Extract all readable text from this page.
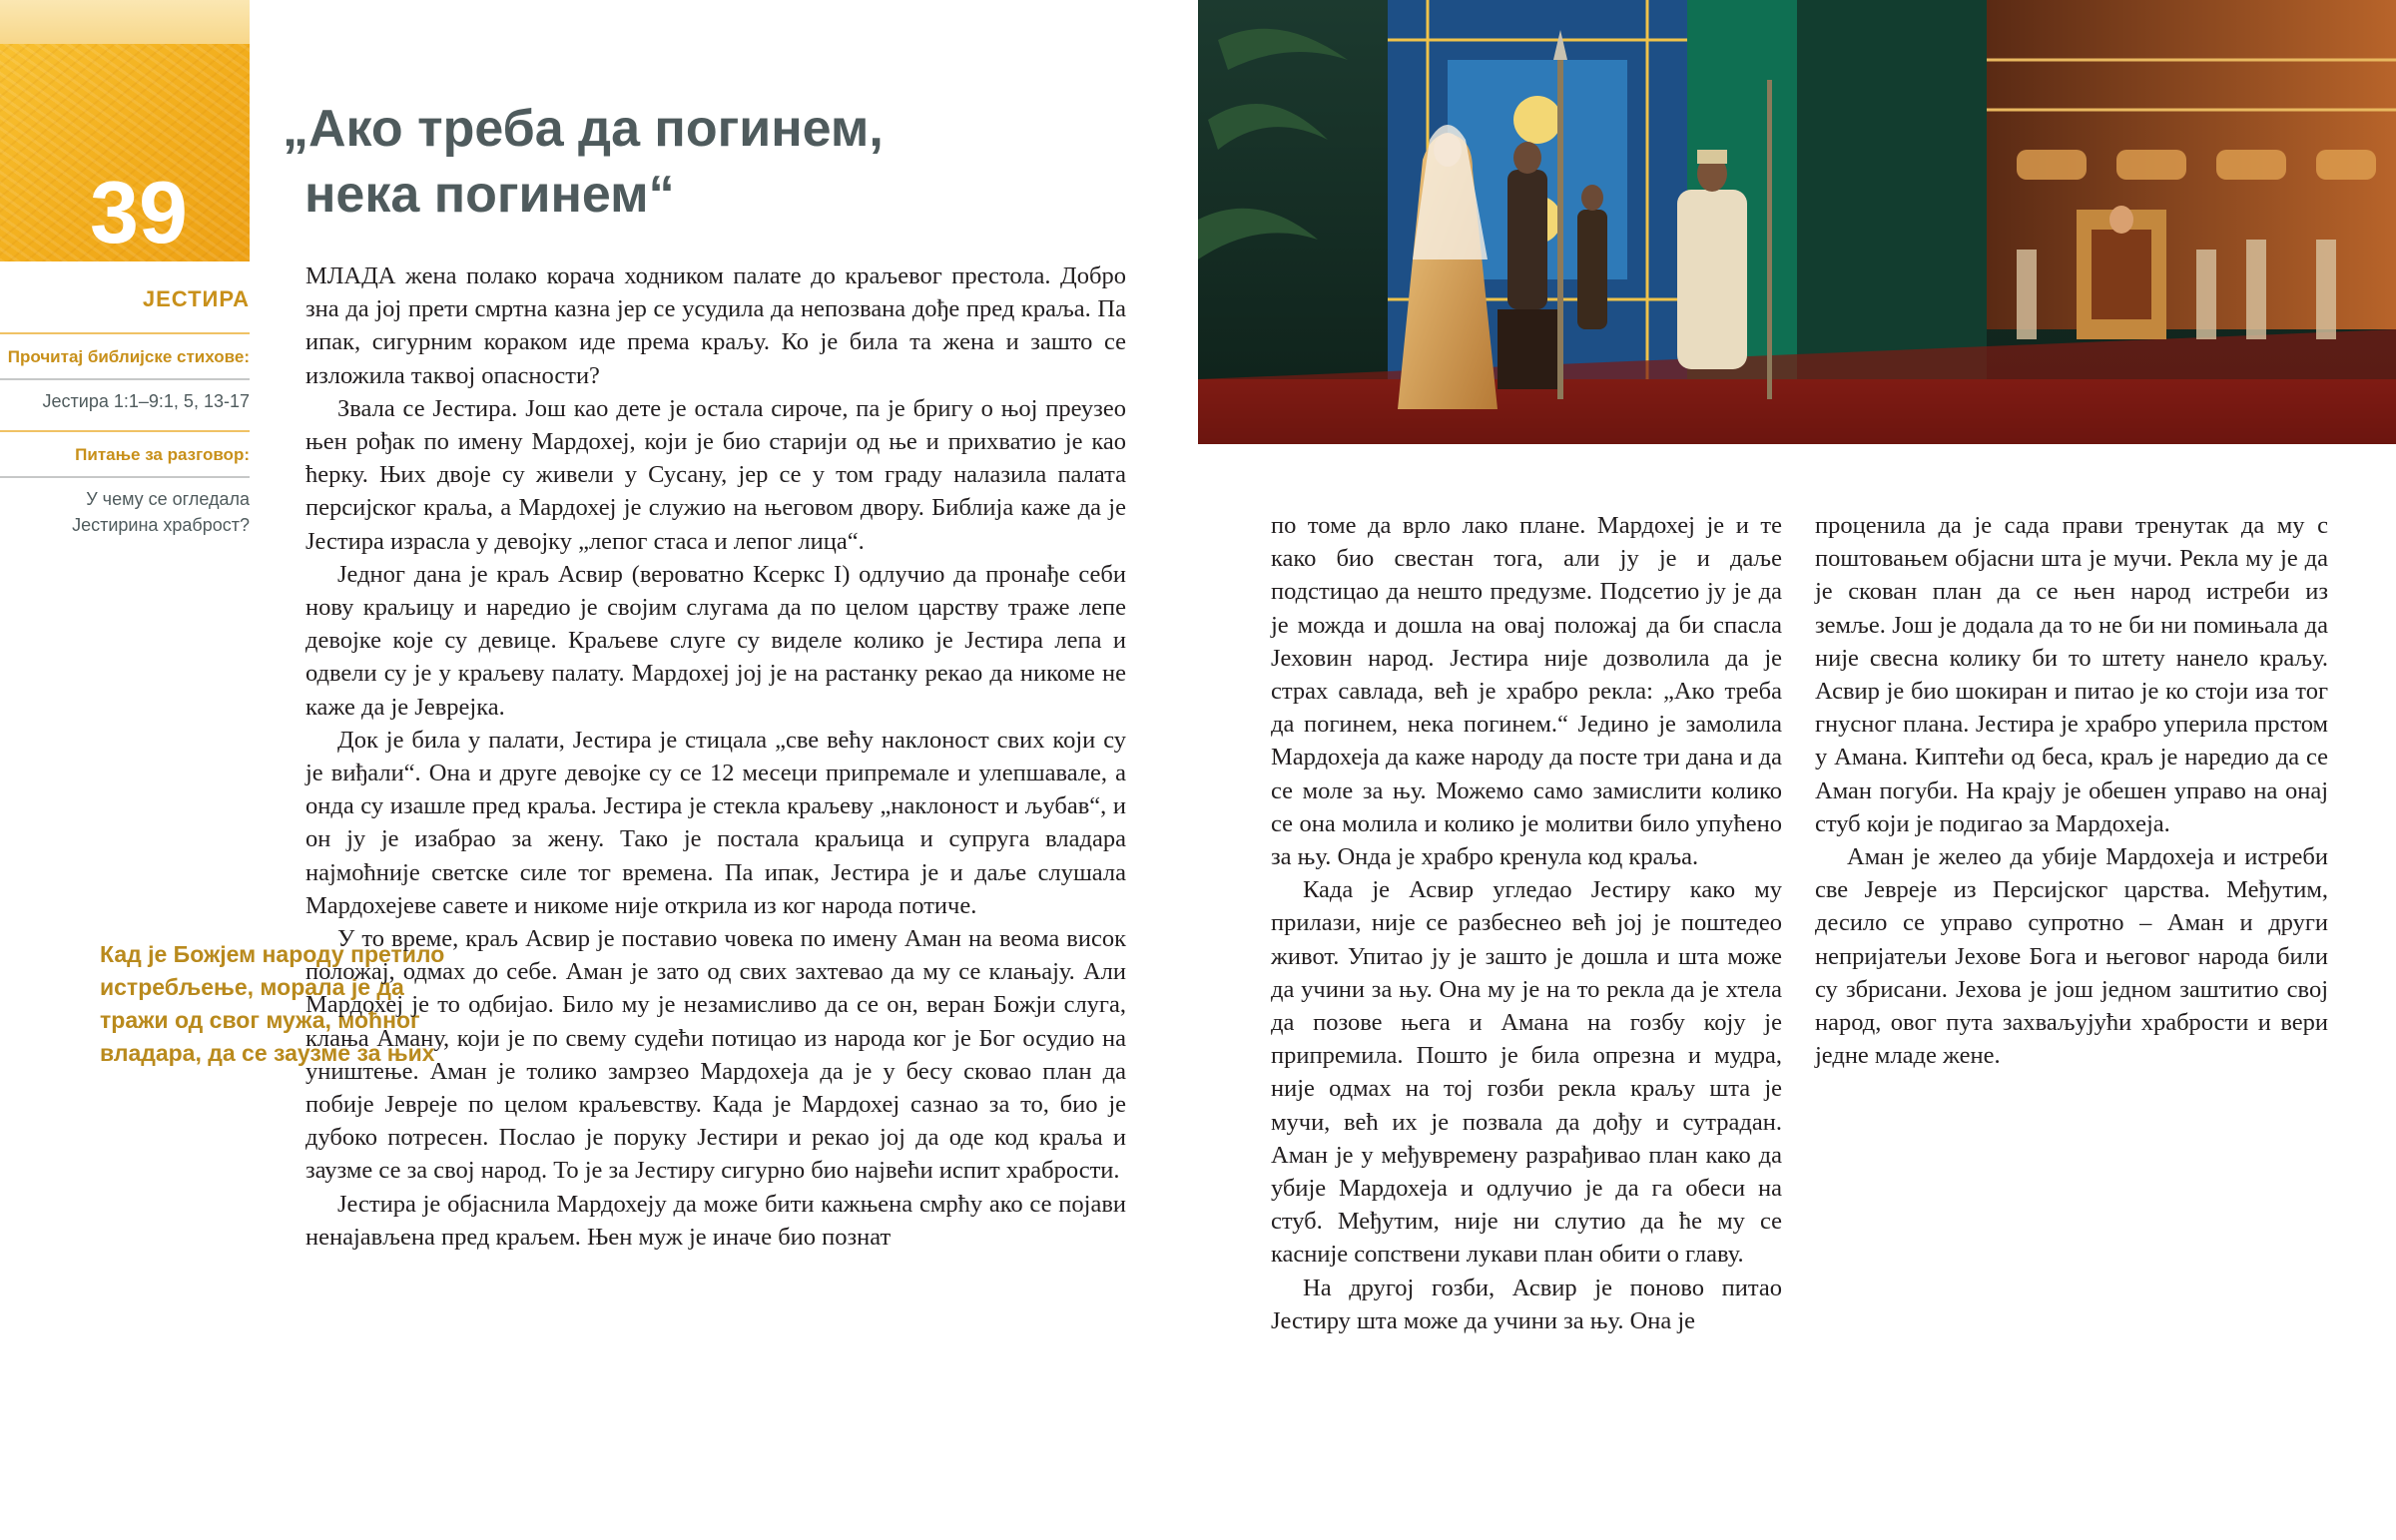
39
„Ако треба да погинем,
нека погинем“
ЈЕСТИРА
Прочитај библијске стихове:
Јестира 1:1–9:1, 5, 13-17
Питање за разговор:
У чему се огледала Јестирина храброст?
Кад је Божјем народу претило истребљење, морала је да тражи од свог мужа, моћног владара, да се заузме за њих

МЛАДА жена полако корача ходником палате до краљевог престола. Добро зна да јој прети смртна казна јер се усудила да непозвана дође пред краља. Па ипак, сигурним кораком иде према краљу. Ко је била та жена и зашто се изложила таквој опасности?

Звала се Јестира. Још као дете је остала сироче, па је бригу о њој преузео њен рођак по имену Мардохеј, који је био старији од ње и прихватио је као ћерку. Њих двоје су живели у Сусану, јер се у том граду налазила палата персијског краља, а Мардохеј је служио на његовом двору. Библија каже да је Јестира израсла у девојку „лепог стаса и лепог лица“.

Једног дана је краљ Асвир (вероватно Ксеркс I) одлучио да пронађе себи нову краљицу и наредио је својим слугама да по целом царству траже лепе девојке које су девице. Краљеве слуге су виделе колико је Јестира лепа и одвели су је у краљеву палату. Мардохеј јој је на растанку рекао да никоме не каже да је Јеврејка.

Док је била у палати, Јестира је стицала „све већу наклоност свих који су је виђали“. Она и друге девојке су се 12 месеци припремале и улепшавале, а онда су изашле пред краља. Јестира је стекла краљеву „наклоност и љубав“, и он ју је изабрао за жену. Тако је постала краљица и супруга владара најмоћније светске силе тог времена. Па ипак, Јестира је и даље слушала Мардохејеве савете и никоме није открила из ког народа потиче.

У то време, краљ Асвир је поставио човека по имену Аман на веома висок положај, одмах до себе. Аман је зато од свих захтевао да му се клањају. Али Мардохеј је то одбијао. Било му је незамисливо да се он, веран Божји слуга, клања Аману, који је по свему судећи потицао из народа ког је Бог осудио на уништење. Аман је толико замрзео Мардохеја да је у бесу сковао план да побије Јевреје по целом краљевству. Када је Мардохеј сазнао за то, био је дубоко потресен. Послао је поруку Јестири и рекао јој да оде код краља и заузме се за свој народ. То је за Јестиру сигурно био највећи испит храбрости.

Јестира је објаснила Мардохеју да може бити кажњена смрћу ако се појави ненајављена пред краљем. Њен муж је иначе био познат

по томе да врло лако плане. Мардохеј је и те како био свестан тога, али ју је и даље подстицао да нешто предузме. Подсетио ју је да је можда и дошла на овај положај да би спасла Јеховин народ. Јестира није дозволила да је страх савлада, већ је храбро рекла: „Ако треба да погинем, нека погинем.“ Једино је замолила Мардохеја да каже народу да посте три дана и да се моле за њу. Можемо само замислити колико се она молила и колико је молитви било упућено за њу. Онда је храбро кренула код краља.

Када је Асвир угледао Јестиру како му прилази, није се разбеснео већ јој је поштедео живот. Упитао ју је зашто је дошла и шта може да учини за њу. Она му је на то рекла да је хтела да позове њега и Амана на гозбу коју је припремила. Пошто је била опрезна и мудра, није одмах на тој гозби рекла краљу шта је мучи, већ их је позвала да дођу и сутрадан. Аман је у међувремену разрађивао план како да убије Мардохеја и одлучио је да га обеси на стуб. Међутим, није ни слутио да ће му се касније сопствени лукави план обити о главу.

На другој гозби, Асвир је поново питао Јестиру шта може да учини за њу. Она је

проценила да је сада прави тренутак да му с поштовањем објасни шта је мучи. Рекла му је да је скован план да се њен народ истреби из земље. Још је додала да то не би ни помињала да није свесна колику би то штету нанело краљу. Асвир је био шокиран и питао је ко стоји иза тог гнусног плана. Јестира је храбро уперила прстом у Амана. Киптећи од беса, краљ је наредио да се Аман погуби. На крају је обешен управо на онај стуб који је подигао за Мардохеја.

Аман је желео да убије Мардохеја и истреби све Јевреје из Персијског царства. Међутим, десило се управо супротно – Аман и други непријатељи Јехове Бога и његовог народа били су збрисани. Јехова је још једном заштитио свој народ, овог пута захваљујући храбрости и вери једне младе жене.
